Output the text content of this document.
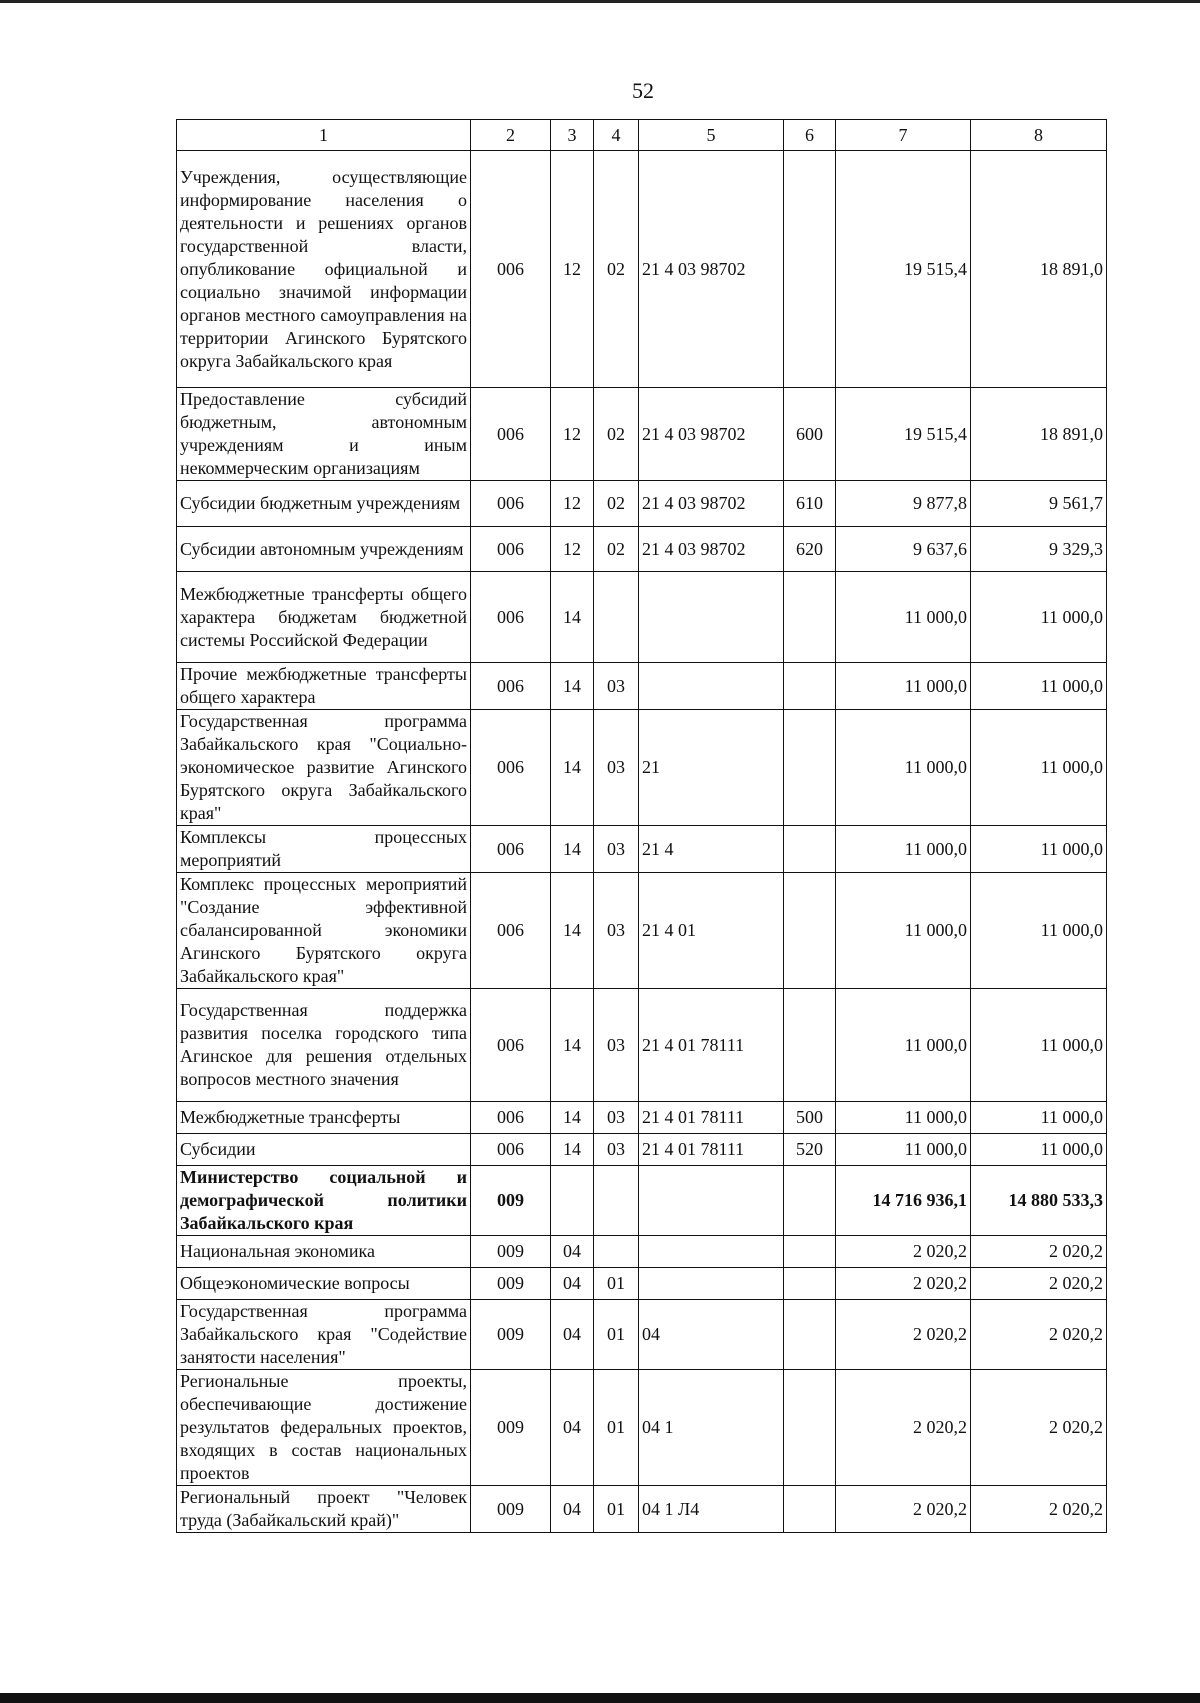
52
1	2	3	4	5	6	7	8
Учреждения, осуществляющие информирование населения о деятельности и решениях органов государственной власти, опубликование официальной и социально значимой информации органов местного самоуправления на территории Агинского Бурятского округа Забайкальского края	006	12	02	21 4 03 98702		19 515,4	18 891,0
Предоставление субсидий бюджетным, автономным учреждениям и иным некоммерческим организациям	006	12	02	21 4 03 98702	600	19 515,4	18 891,0
Субсидии бюджетным учреждениям	006	12	02	21 4 03 98702	610	9 877,8	9 561,7
Субсидии автономным учреждениям	006	12	02	21 4 03 98702	620	9 637,6	9 329,3
Межбюджетные трансферты общего характера бюджетам бюджетной системы Российской Федерации	006	14				11 000,0	11 000,0
Прочие межбюджетные трансферты общего характера	006	14	03			11 000,0	11 000,0
Государственная программа Забайкальского края "Социально-экономическое развитие Агинского Бурятского округа Забайкальского края"	006	14	03	21		11 000,0	11 000,0
Комплексы процессных мероприятий	006	14	03	21 4		11 000,0	11 000,0
Комплекс процессных мероприятий "Создание эффективной сбалансированной экономики Агинского Бурятского округа Забайкальского края"	006	14	03	21 4 01		11 000,0	11 000,0
Государственная поддержка развития поселка городского типа Агинское для решения отдельных вопросов местного значения	006	14	03	21 4 01 78111		11 000,0	11 000,0
Межбюджетные трансферты	006	14	03	21 4 01 78111	500	11 000,0	11 000,0
Субсидии	006	14	03	21 4 01 78111	520	11 000,0	11 000,0
Министерство социальной и демографической политики Забайкальского края	009					14 716 936,1	14 880 533,3
Национальная экономика	009	04				2 020,2	2 020,2
Общеэкономические вопросы	009	04	01			2 020,2	2 020,2
Государственная программа Забайкальского края "Содействие занятости населения"	009	04	01	04		2 020,2	2 020,2
Региональные проекты, обеспечивающие достижение результатов федеральных проектов, входящих в состав национальных проектов	009	04	01	04 1		2 020,2	2 020,2
Региональный проект "Человек труда (Забайкальский край)"	009	04	01	04 1 Л4		2 020,2	2 020,2
